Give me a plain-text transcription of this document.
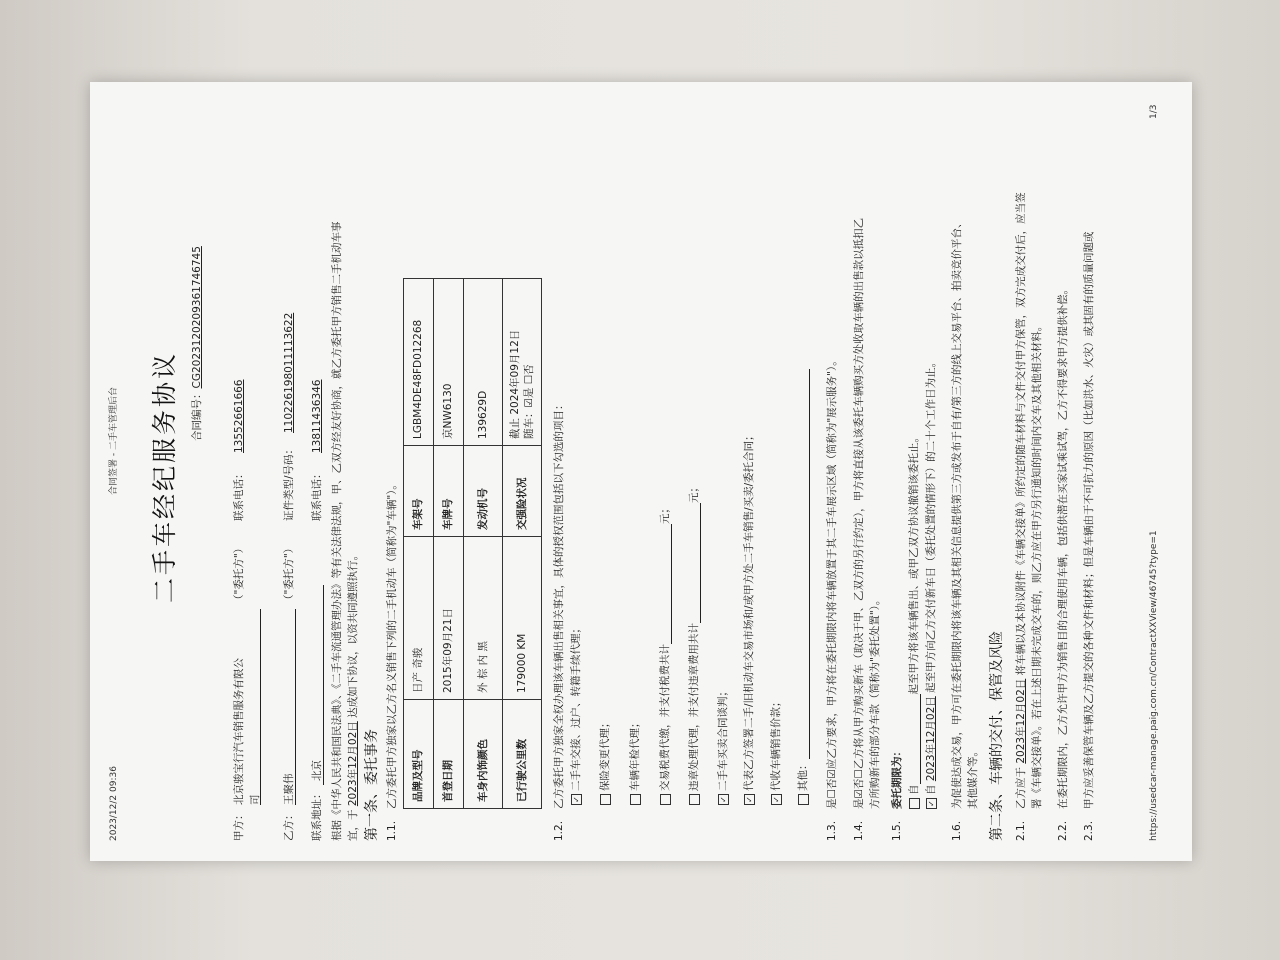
2023/12/2 09:36
合同签署 - 二手车管理后台 二手车经纪服务协议 合同编号：CG2023120209361746745
甲方：
北京骏宝行汽车销售服务有限公 司
（"委托方"）
联系电话：
13552661666
乙方：
王聚伟
（"委托方"）
证件类型/号码：
110226198011113622
联系地址：
北京
联系电话：
13811436346 根据《中华人民共和国民法典》、《二手车流通管理办法》等有关法律法规，甲、乙双方经友好协商，就乙方委托甲方销售二手机动车事 宜，于 2023年12月02日 达成如下协议，以资共同遵照执行。
第一条、委托事务 1.1.乙方委托甲方独家以乙方名义销售下列的二手机动车（简称为"车辆"）。 品牌及型号	日产 奇骏	车架号	LGBM4DE48FD012268
首登日期	2015年09月21日	车牌号	京NW6130
车身内饰颜色	外 棕 内 黑	发动机号	139629D
已行驶公里数	179000 KM	交强险状况	截止 2024年09月12日 随车：☑是 ☐否
1.2.乙方委托甲方独家全权办理该车辆出售相关事宜，具体的授权范围包括以下勾选的项目： ✓二手车交接、过户、转籍手续代理； 保险变更代理； 车辆年检代理； 交易税费代缴，并支付税费共计元；
违章处理代理，并支付违章费用共计元；
✓二手车买卖合同谈判；
✓代表乙方签署二手/旧机动车交易市场和/或甲方处二手车销售/买卖/委托合同；
✓代收车辆销售价款； 其他：
1.3.是☐否☑应乙方要求，甲方将在委托期限内将车辆放置于其二手车展示区域（简称为"展示服务"）。
1.4.是☑否☐乙方将从甲方购买新车（取决于甲、乙双方的另行约定），甲方将直接从该委托车辆购买方处收取车辆的出售款以抵扣乙 方所购新车的部分车款（简称为"委托处置"）。
1.5.委托期限为： 自起至甲方将该车辆售出、或甲乙双方协议撤销该委托止。
✓自 2023年12月02日 起至甲方向乙方交付新车日（委托处置的情形下）的二十个工作日为止。
1.6.为促使达成交易，甲方可在委托期限内将该车辆及其相关信息提供第三方或发布于自有/第三方的线上交易平台、拍卖竞价平台、 其他媒介等。 第二条、车辆的交付、保管及风险 2.1.乙方应于 2023年12月02日 将车辆以及本协议附件《车辆交接单》所约定的随车材料与文件交付甲方保管，双方完成交付后，应当签 署《车辆交接单》。若在上述日期未完成交车的，则乙方应在甲方另行通知的时间内交车及其他相关材料。
2.2.在委托期限内，乙方允许甲方为销售目的合理使用车辆，包括供潜在买家试乘试驾，乙方不得要求甲方提供补偿。
2.3.甲方应妥善保管车辆及乙方提交的各种文件和材料；但是车辆由于不可抗力的原因（比如洪水、火灾）或其固有的质量问题或	https://usedcar-manage.paig.com.cn/ContractXXView/46745?type=1
1/3
